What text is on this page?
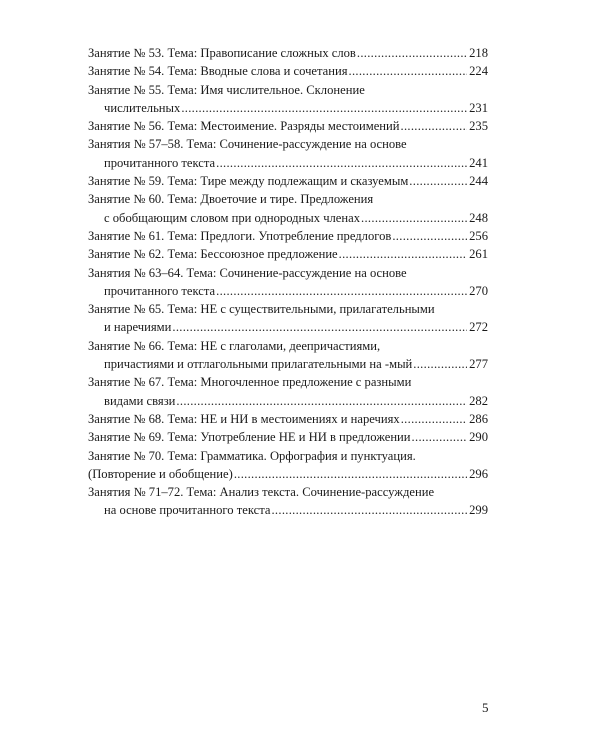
Занятие № 53. Тема: Правописание сложных слов .....	218
Занятие № 54. Тема: Вводные слова и сочетания .....	224
Занятие № 55. Тема: Имя числительное. Склонение
числительных .....	231
Занятие № 56. Тема: Местоимение. Разряды местоимений .....	235
Занятия № 57–58. Тема: Сочинение-рассуждение на основе
прочитанного текста .....	241
Занятие № 59. Тема: Тире между подлежащим и сказуемым .....	244
Занятие № 60. Тема: Двоеточие и тире. Предложения
с обобщающим словом при однородных членах .....	248
Занятие № 61. Тема: Предлоги. Употребление предлогов .....	256
Занятие № 62. Тема: Бессоюзное предложение .....	261
Занятия № 63–64. Тема: Сочинение-рассуждение на основе
прочитанного текста .....	270
Занятие № 65. Тема: НЕ с существительными, прилагательными
и наречиями .....	272
Занятие № 66. Тема: НЕ с глаголами, деепричастиями,
причастиями и отглагольными прилагательными на -мый .....	277
Занятие № 67. Тема: Многочленное предложение с разными
видами связи .....	282
Занятие № 68. Тема: НЕ и НИ в местоимениях и наречиях .....	286
Занятие № 69. Тема: Употребление НЕ и НИ в предложении .....	290
Занятие № 70. Тема: Грамматика. Орфография и пунктуация.
(Повторение и обобщение) .....	296
Занятия № 71–72. Тема: Анализ текста. Сочинение-рассуждение
на основе прочитанного текста .....	299
5
